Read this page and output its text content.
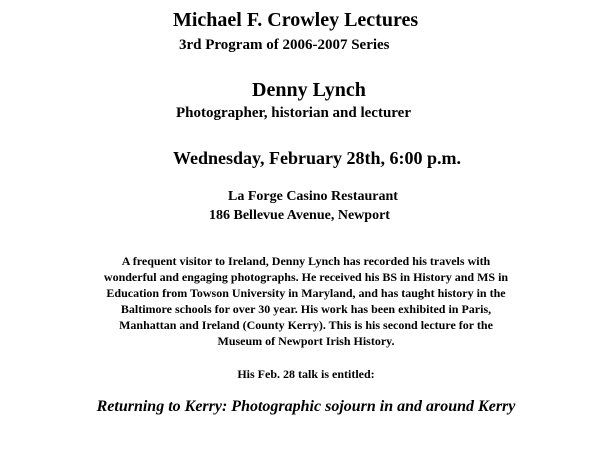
Michael F. Crowley Lectures
3rd Program of 2006-2007 Series
Denny Lynch
Photographer, historian and lecturer
Wednesday, February 28th, 6:00 p.m.
La Forge Casino Restaurant
186 Bellevue Avenue, Newport
A frequent visitor to Ireland, Denny Lynch has recorded his travels with
wonderful and engaging photographs. He received his BS in History and MS in
Education from Towson University in Maryland, and has taught history in the
Baltimore schools for over 30 year. His work has been exhibited in Paris,
Manhattan and Ireland (County Kerry). This is his second lecture for the
Museum of Newport Irish History.
His Feb. 28 talk is entitled:
Returning to Kerry: Photographic sojourn in and around Kerry
